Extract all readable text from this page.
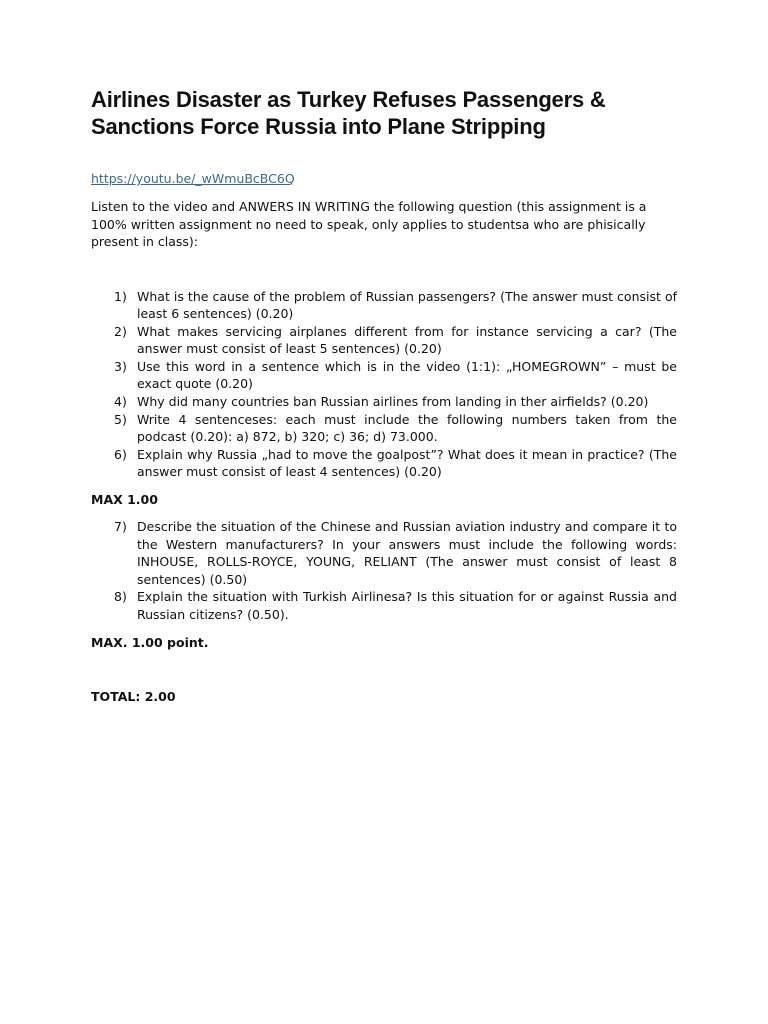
Airlines Disaster as Turkey Refuses Passengers & Sanctions Force Russia into Plane Stripping
https://youtu.be/_wWmuBcBC6Q

Listen to the video and ANWERS IN WRITING the following question (this assignment is a 100% written assignment no need to speak, only applies to studentsa who are phisically present in class):

1) What is the cause of the problem of Russian passengers? (The answer must consist of least 6 sentences) (0.20)
2) What makes servicing airplanes different from for instance servicing a car? (The answer must consist of least 5 sentences) (0.20)
3) Use this word in a sentence which is in the video (1:1): „HOMEGROWN” – must be exact quote (0.20)
4) Why did many countries ban Russian airlines from landing in ther airfields? (0.20)
5) Write 4 sentenceses: each must include the following numbers taken from the podcast (0.20): a) 872, b) 320; c) 36; d) 73.000.
6) Explain why Russia „had to move the goalpost”? What does it mean in practice? (The answer must consist of least 4 sentences) (0.20)

MAX 1.00

7) Describe the situation of the Chinese and Russian aviation industry and compare it to the Western manufacturers? In your answers must include the following words: INHOUSE, ROLLS-ROYCE, YOUNG, RELIANT (The answer must consist of least 8 sentences) (0.50)
8) Explain the situation with Turkish Airlinesa? Is this situation for or against Russia and Russian citizens? (0.50).

MAX. 1.00 point.

TOTAL: 2.00
